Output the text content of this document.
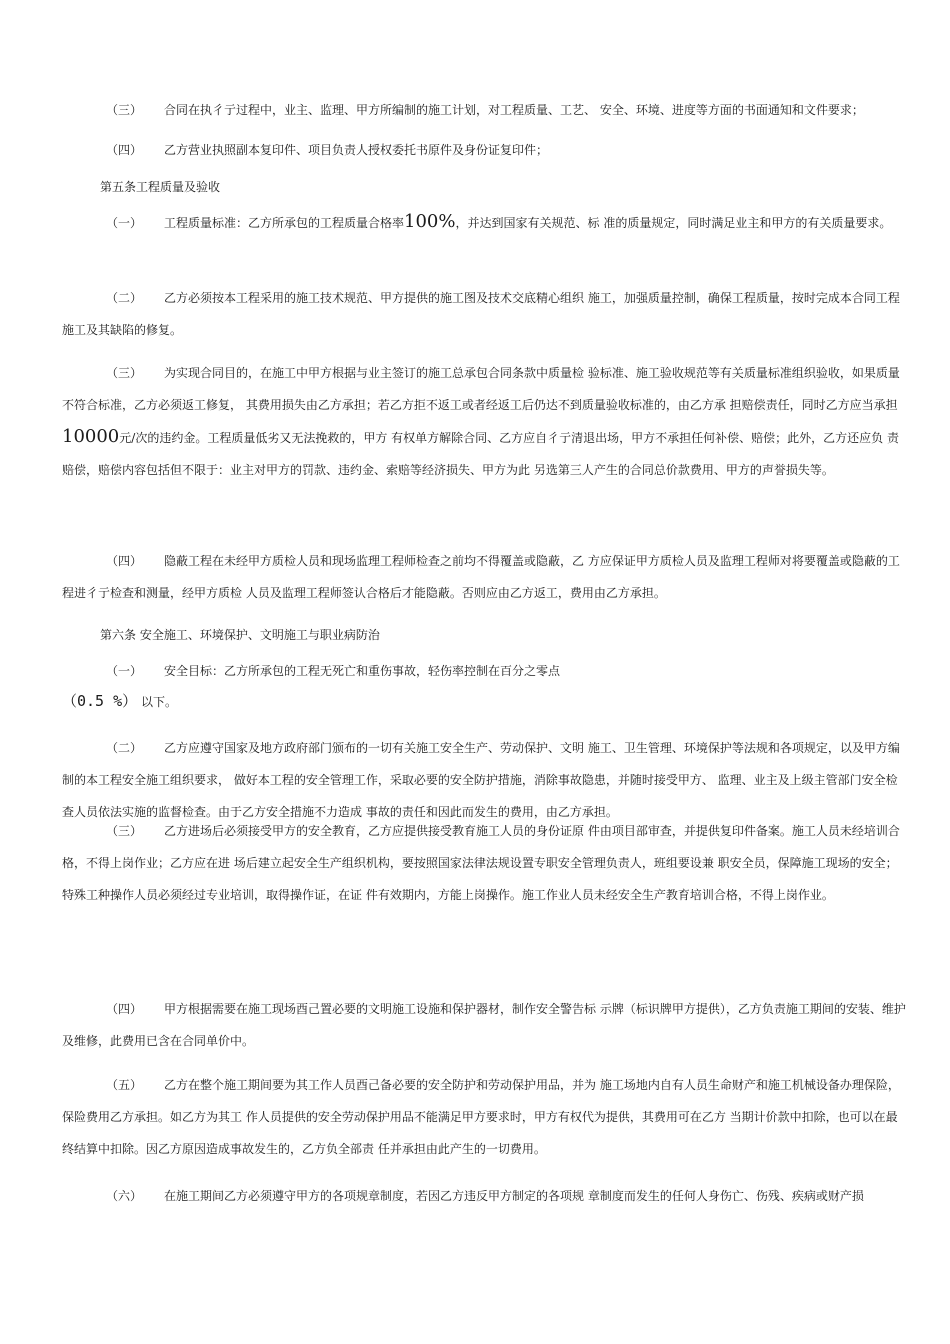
（三） 合同在执彳亍过程中，业主、监理、甲方所编制的施工计划，对工程质量、工艺、 安全、环境、进度等方面的书面通知和文件要求；

（四） 乙方营业执照副本复印件、项目负责人授权委托书原件及身份证复印件；

第五条工程质量及验收

（一） 工程质量标准：乙方所承包的工程质量合格率100%，并达到国家有关规范、标 准的质量规定，同时满足业主和甲方的有关质量要求。

（二） 乙方必须按本工程采用的施工技术规范、甲方提供的施工图及技术交底精心组织 施工，加强质量控制，确保工程质量，按时完成本合同工程施工及其缺陷的修复。

（三） 为实现合同目的，在施工中甲方根据与业主签订的施工总承包合同条款中质量检 验标准、施工验收规范等有关质量标准组织验收，如果质量不符合标准，乙方必须返工修复， 其费用损失由乙方承担；若乙方拒不返工或者经返工后仍达不到质量验收标准的，由乙方承 担赔偿责任，同时乙方应当承担10000元/次的违约金。工程质量低劣又无法挽救的，甲方 有权单方解除合同、乙方应自彳亍清退出场，甲方不承担任何补偿、赔偿；此外，乙方还应负 责赔偿，赔偿内容包括但不限于：业主对甲方的罚款、违约金、索赔等经济损失、甲方为此 另选第三人产生的合同总价款费用、甲方的声誉损失等。

（四） 隐蔽工程在未经甲方质检人员和现场监理工程师检查之前均不得覆盖或隐蔽，乙 方应保证甲方质检人员及监理工程师对将要覆盖或隐蔽的工程进彳亍检查和测量，经甲方质检 人员及监理工程师签认合格后才能隐蔽。否则应由乙方返工，费用由乙方承担。

第六条 安全施工、环境保护、文明施工与职业病防治

（一） 安全目标：乙方所承包的工程无死亡和重伤事故，轻伤率控制在百分之零点
（0.5 %） 以下。

（二） 乙方应遵守国家及地方政府部门颁布的一切有关施工安全生产、劳动保护、文明 施工、卫生管理、环境保护等法规和各项规定，以及甲方编制的本工程安全施工组织要求， 做好本工程的安全管理工作，采取必要的安全防护措施，消除事故隐患，并随时接受甲方、 监理、业主及上级主管部门安全检查人员依法实施的监督检查。由于乙方安全措施不力造成 事故的责任和因此而发生的费用，由乙方承担。

（三） 乙方进场后必须接受甲方的安全教育，乙方应提供接受教育施工人员的身份证原 件由项目部审查，并提供复印件备案。施工人员未经培训合格，不得上岗作业；乙方应在进 场后建立起安全生产组织机构，要按照国家法律法规设置专职安全管理负责人，班组要设兼 职安全员，保障施工现场的安全；特殊工种操作人员必须经过专业培训，取得操作证，在证 件有效期内，方能上岗操作。施工作业人员未经安全生产教育培训合格，不得上岗作业。

（四） 甲方根据需要在施工现场酉己置必要的文明施工设施和保护器材，制作安全警告标 示牌（标识牌甲方提供），乙方负责施工期间的安装、维护及维修，此费用已含在合同单价中。

（五） 乙方在整个施工期间要为其工作人员酉己备必要的安全防护和劳动保护用品，并为 施工场地内自有人员生命财产和施工机械设备办理保险，保险费用乙方承担。如乙方为其工 作人员提供的安全劳动保护用品不能满足甲方要求时，甲方有权代为提供，其费用可在乙方 当期计价款中扣除，也可以在最终结算中扣除。因乙方原因造成事故发生的，乙方负全部责 任并承担由此产生的一切费用。

（六） 在施工期间乙方必须遵守甲方的各项规章制度，若因乙方违反甲方制定的各项规 章制度而发生的任何人身伤亡、伤残、疾病或财产损
